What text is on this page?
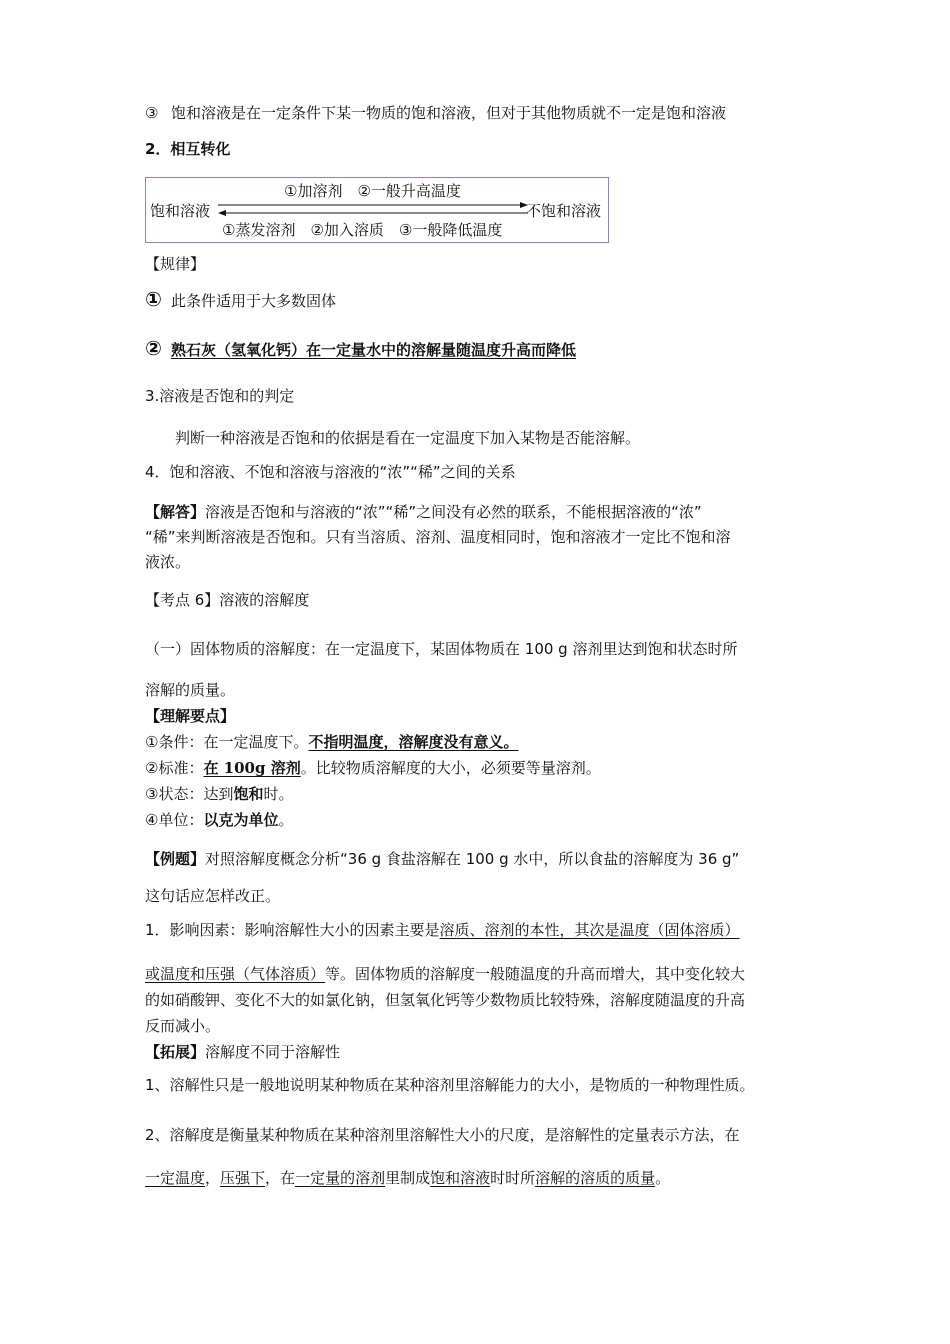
③ 饱和溶液是在一定条件下某一物质的饱和溶液，但对于其他物质就不一定是饱和溶液
2．相互转化
饱和溶液	不饱和溶液
①加溶剂　②一般升高温度
①蒸发溶剂　②加入溶质　③一般降低温度
【规律】
① 此条件适用于大多数固体
② 熟石灰（氢氧化钙）在一定量水中的溶解量随温度升高而降低
3.溶液是否饱和的判定
判断一种溶液是否饱和的依据是看在一定温度下加入某物是否能溶解。
4．饱和溶液、不饱和溶液与溶液的“浓”“稀”之间的关系
【解答】溶液是否饱和与溶液的“浓”“稀”之间没有必然的联系，不能根据溶液的“浓”
“稀”来判断溶液是否饱和。只有当溶质、溶剂、温度相同时，饱和溶液才一定比不饱和溶
液浓。
【考点 6】溶液的溶解度
（一）固体物质的溶解度：在一定温度下，某固体物质在 100 g 溶剂里达到饱和状态时所
溶解的质量。
【理解要点】
①条件：在一定温度下。不指明温度，溶解度没有意义。
②标准：在 100g 溶剂。比较物质溶解度的大小，必须要等量溶剂。
③状态：达到饱和时。
④单位：以克为单位。
【例题】对照溶解度概念分析“36 g 食盐溶解在 100 g 水中，所以食盐的溶解度为 36 g”
这句话应怎样改正。
1．影响因素：影响溶解性大小的因素主要是溶质、溶剂的本性，其次是温度（固体溶质）
或温度和压强（气体溶质）等。固体物质的溶解度一般随温度的升高而增大，其中变化较大
的如硝酸钾、变化不大的如氯化钠，但氢氧化钙等少数物质比较特殊，溶解度随温度的升高
反而减小。
【拓展】溶解度不同于溶解性
1、溶解性只是一般地说明某种物质在某种溶剂里溶解能力的大小，是物质的一种物理性质。
2、溶解度是衡量某种物质在某种溶剂里溶解性大小的尺度，是溶解性的定量表示方法，在
一定温度，压强下，在一定量的溶剂里制成饱和溶液时时所溶解的溶质的质量。
